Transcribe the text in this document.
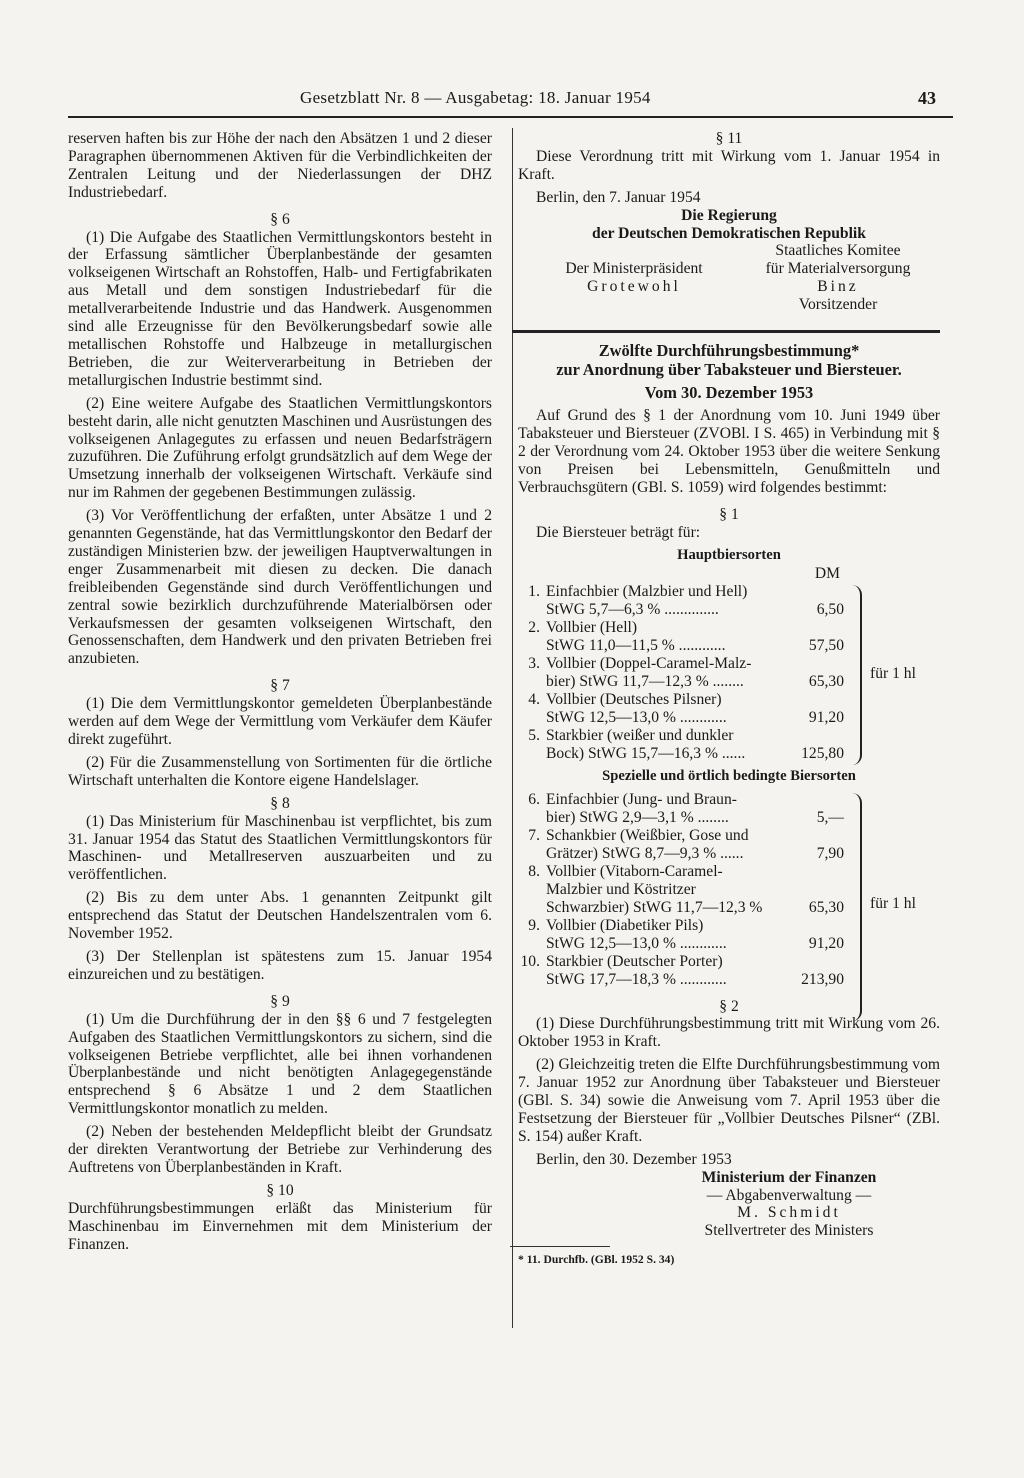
Gesetzblatt Nr. 8 — Ausgabetag: 18. Januar 1954	43

reserven haften bis zur Höhe der nach den Absätzen 1 und 2 dieser Paragraphen übernommenen Aktiven für die Verbindlichkeiten der Zentralen Leitung und der Niederlassungen der DHZ Industriebedarf.

§ 6

(1) Die Aufgabe des Staatlichen Vermittlungskontors besteht in der Erfassung sämtlicher Überplanbestände der gesamten volkseigenen Wirtschaft an Rohstoffen, Halb- und Fertigfabrikaten aus Metall und dem sonstigen Industriebedarf für die metallverarbeitende Industrie und das Handwerk. Ausgenommen sind alle Erzeugnisse für den Bevölkerungsbedarf sowie alle metallischen Rohstoffe und Halbzeuge in metallurgischen Betrieben, die zur Weiterverarbeitung in Betrieben der metallurgischen Industrie bestimmt sind.

(2) Eine weitere Aufgabe des Staatlichen Vermittlungskontors besteht darin, alle nicht genutzten Maschinen und Ausrüstungen des volkseigenen Anlagegutes zu erfassen und neuen Bedarfsträgern zuzuführen. Die Zuführung erfolgt grundsätzlich auf dem Wege der Umsetzung innerhalb der volkseigenen Wirtschaft. Verkäufe sind nur im Rahmen der gegebenen Bestimmungen zulässig.

(3) Vor Veröffentlichung der erfaßten, unter Absätze 1 und 2 genannten Gegenstände, hat das Vermittlungskontor den Bedarf der zuständigen Ministerien bzw. der jeweiligen Hauptverwaltungen in enger Zusammenarbeit mit diesen zu decken. Die danach freibleibenden Gegenstände sind durch Veröffentlichungen und zentral sowie bezirklich durchzuführende Materialbörsen oder Verkaufsmessen der gesamten volkseigenen Wirtschaft, den Genossenschaften, dem Handwerk und den privaten Betrieben frei anzubieten.

§ 7

(1) Die dem Vermittlungskontor gemeldeten Überplanbestände werden auf dem Wege der Vermittlung vom Verkäufer dem Käufer direkt zugeführt.

(2) Für die Zusammenstellung von Sortimenten für die örtliche Wirtschaft unterhalten die Kontore eigene Handelslager.

§ 8

(1) Das Ministerium für Maschinenbau ist verpflichtet, bis zum 31. Januar 1954 das Statut des Staatlichen Vermittlungskontors für Maschinen- und Metallreserven auszuarbeiten und zu veröffentlichen.

(2) Bis zu dem unter Abs. 1 genannten Zeitpunkt gilt entsprechend das Statut der Deutschen Handelszentralen vom 6. November 1952.

(3) Der Stellenplan ist spätestens zum 15. Januar 1954 einzureichen und zu bestätigen.

§ 9

(1) Um die Durchführung der in den §§ 6 und 7 festgelegten Aufgaben des Staatlichen Vermittlungskontors zu sichern, sind die volkseigenen Betriebe verpflichtet, alle bei ihnen vorhandenen Überplanbestände und nicht benötigten Anlagegegenstände entsprechend § 6 Absätze 1 und 2 dem Staatlichen Vermittlungskontor monatlich zu melden.

(2) Neben der bestehenden Meldepflicht bleibt der Grundsatz der direkten Verantwortung der Betriebe zur Verhinderung des Auftretens von Überplanbeständen in Kraft.

§ 10

Durchführungsbestimmungen erläßt das Ministerium für Maschinenbau im Einvernehmen mit dem Ministerium der Finanzen.

§ 11

Diese Verordnung tritt mit Wirkung vom 1. Januar 1954 in Kraft.

Berlin, den 7. Januar 1954
Die Regierung
der Deutschen Demokratischen Republik
Der Ministerpräsident
Grotewohl
Staatliches Komitee
für Materialversorgung
Binz
Vorsitzender
Zwölfte Durchführungsbestimmung*
zur Anordnung über Tabaksteuer und Biersteuer.
Vom 30. Dezember 1953

Auf Grund des § 1 der Anordnung vom 10. Juni 1949 über Tabaksteuer und Biersteuer (ZVOBl. I S. 465) in Verbindung mit § 2 der Verordnung vom 24. Oktober 1953 über die weitere Senkung von Preisen bei Lebensmitteln, Genußmitteln und Verbrauchsgütern (GBl. S. 1059) wird folgendes bestimmt:

§ 1
Die Biersteuer beträgt für:
Hauptbiersorten
DM
1. Einfachbier (Malzbier und Hell)
StWG 5,7—6,3 % ..............	6,50
2. Vollbier (Hell)
StWG 11,0—11,5 % ............	57,50
3. Vollbier (Doppel-Caramel-Malz-
bier) StWG 11,7—12,3 % ........	65,30
4. Vollbier (Deutsches Pilsner)
StWG 12,5—13,0 % ............	91,20
5. Starkbier (weißer und dunkler
Bock) StWG 15,7—16,3 % ......	125,80
für 1 hl
Spezielle und örtlich bedingte Biersorten
6. Einfachbier (Jung- und Braun-
bier) StWG 2,9—3,1 % ........	5,—
7. Schankbier (Weißbier, Gose und
Grätzer) StWG 8,7—9,3 % ......	7,90
8. Vollbier (Vitaborn-Caramel-
Malzbier und Köstritzer
Schwarzbier) StWG 11,7—12,3 %	65,30
9. Vollbier (Diabetiker Pils)
StWG 12,5—13,0 % ............	91,20
10. Starkbier (Deutscher Porter)
StWG 17,7—18,3 % ............	213,90
für 1 hl
§ 2

(1) Diese Durchführungsbestimmung tritt mit Wirkung vom 26. Oktober 1953 in Kraft.

(2) Gleichzeitig treten die Elfte Durchführungsbestimmung vom 7. Januar 1952 zur Anordnung über Tabaksteuer und Biersteuer (GBl. S. 34) sowie die Anweisung vom 7. April 1953 über die Festsetzung der Biersteuer für „Vollbier Deutsches Pilsner“ (ZBl. S. 154) außer Kraft.

Berlin, den 30. Dezember 1953
Ministerium der Finanzen
— Abgabenverwaltung —
M. Schmidt
Stellvertreter des Ministers
* 11. Durchfb. (GBl. 1952 S. 34)
